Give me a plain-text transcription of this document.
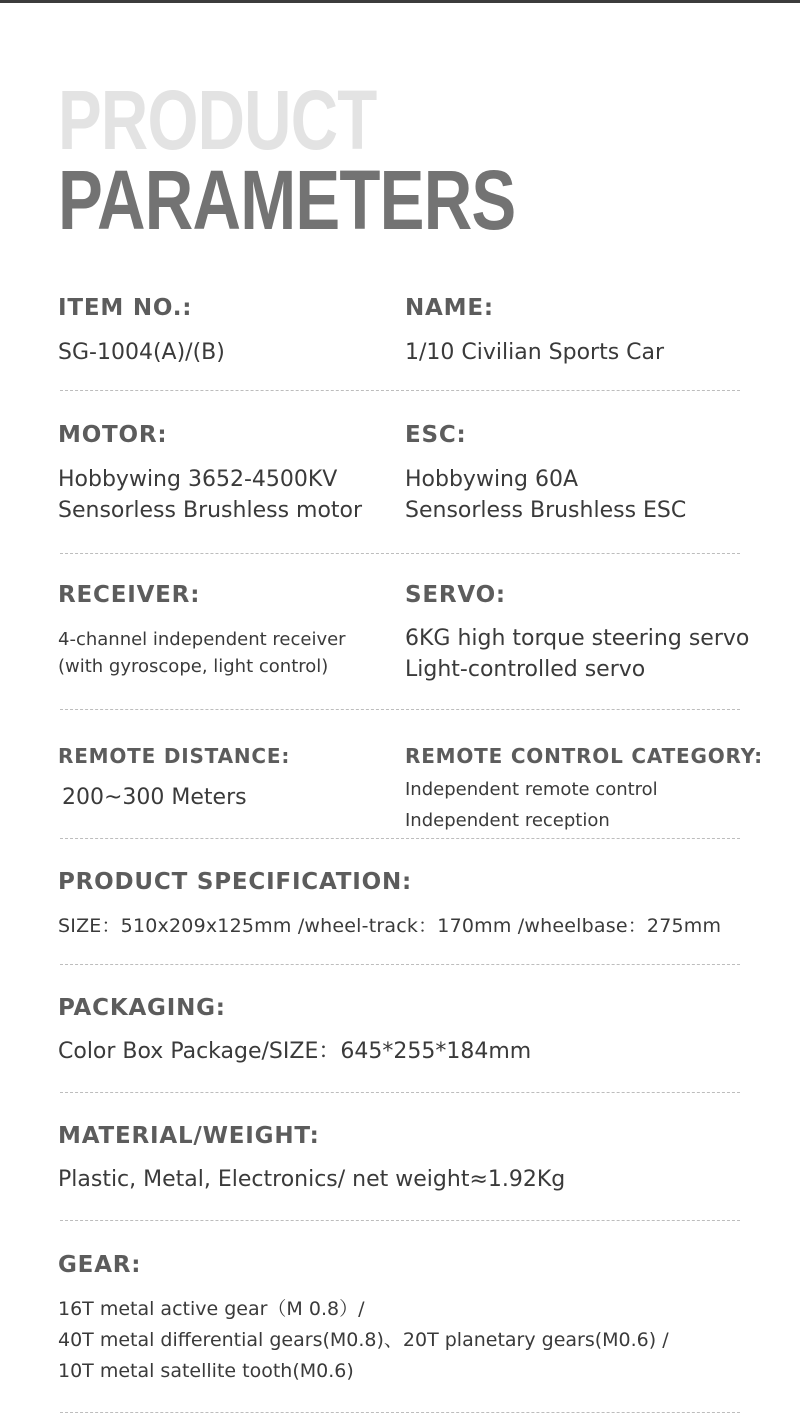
PRODUCT
PARAMETERS
ITEM NO.:
SG-1004(A)/(B)
NAME:
1/10 Civilian Sports Car
MOTOR:
Hobbywing 3652-4500KV
Sensorless Brushless motor
ESC:
Hobbywing 60A
Sensorless Brushless ESC
RECEIVER:
4-channel independent receiver
(with gyroscope, light control)
SERVO:
6KG high torque steering servo
Light-controlled servo
REMOTE DISTANCE:
200~300 Meters
REMOTE CONTROL CATEGORY:
Independent remote control
Independent reception
PRODUCT SPECIFICATION:
SIZE：510x209x125mm /wheel-track：170mm /wheelbase：275mm
PACKAGING:
Color Box Package/SIZE：645*255*184mm
MATERIAL/WEIGHT:
Plastic, Metal, Electronics/ net weight≈1.92Kg
GEAR:
16T metal active gear（M 0.8）/
40T metal differential gears(M0.8)、20T planetary gears(M0.6) /
10T metal satellite tooth(M0.6)
